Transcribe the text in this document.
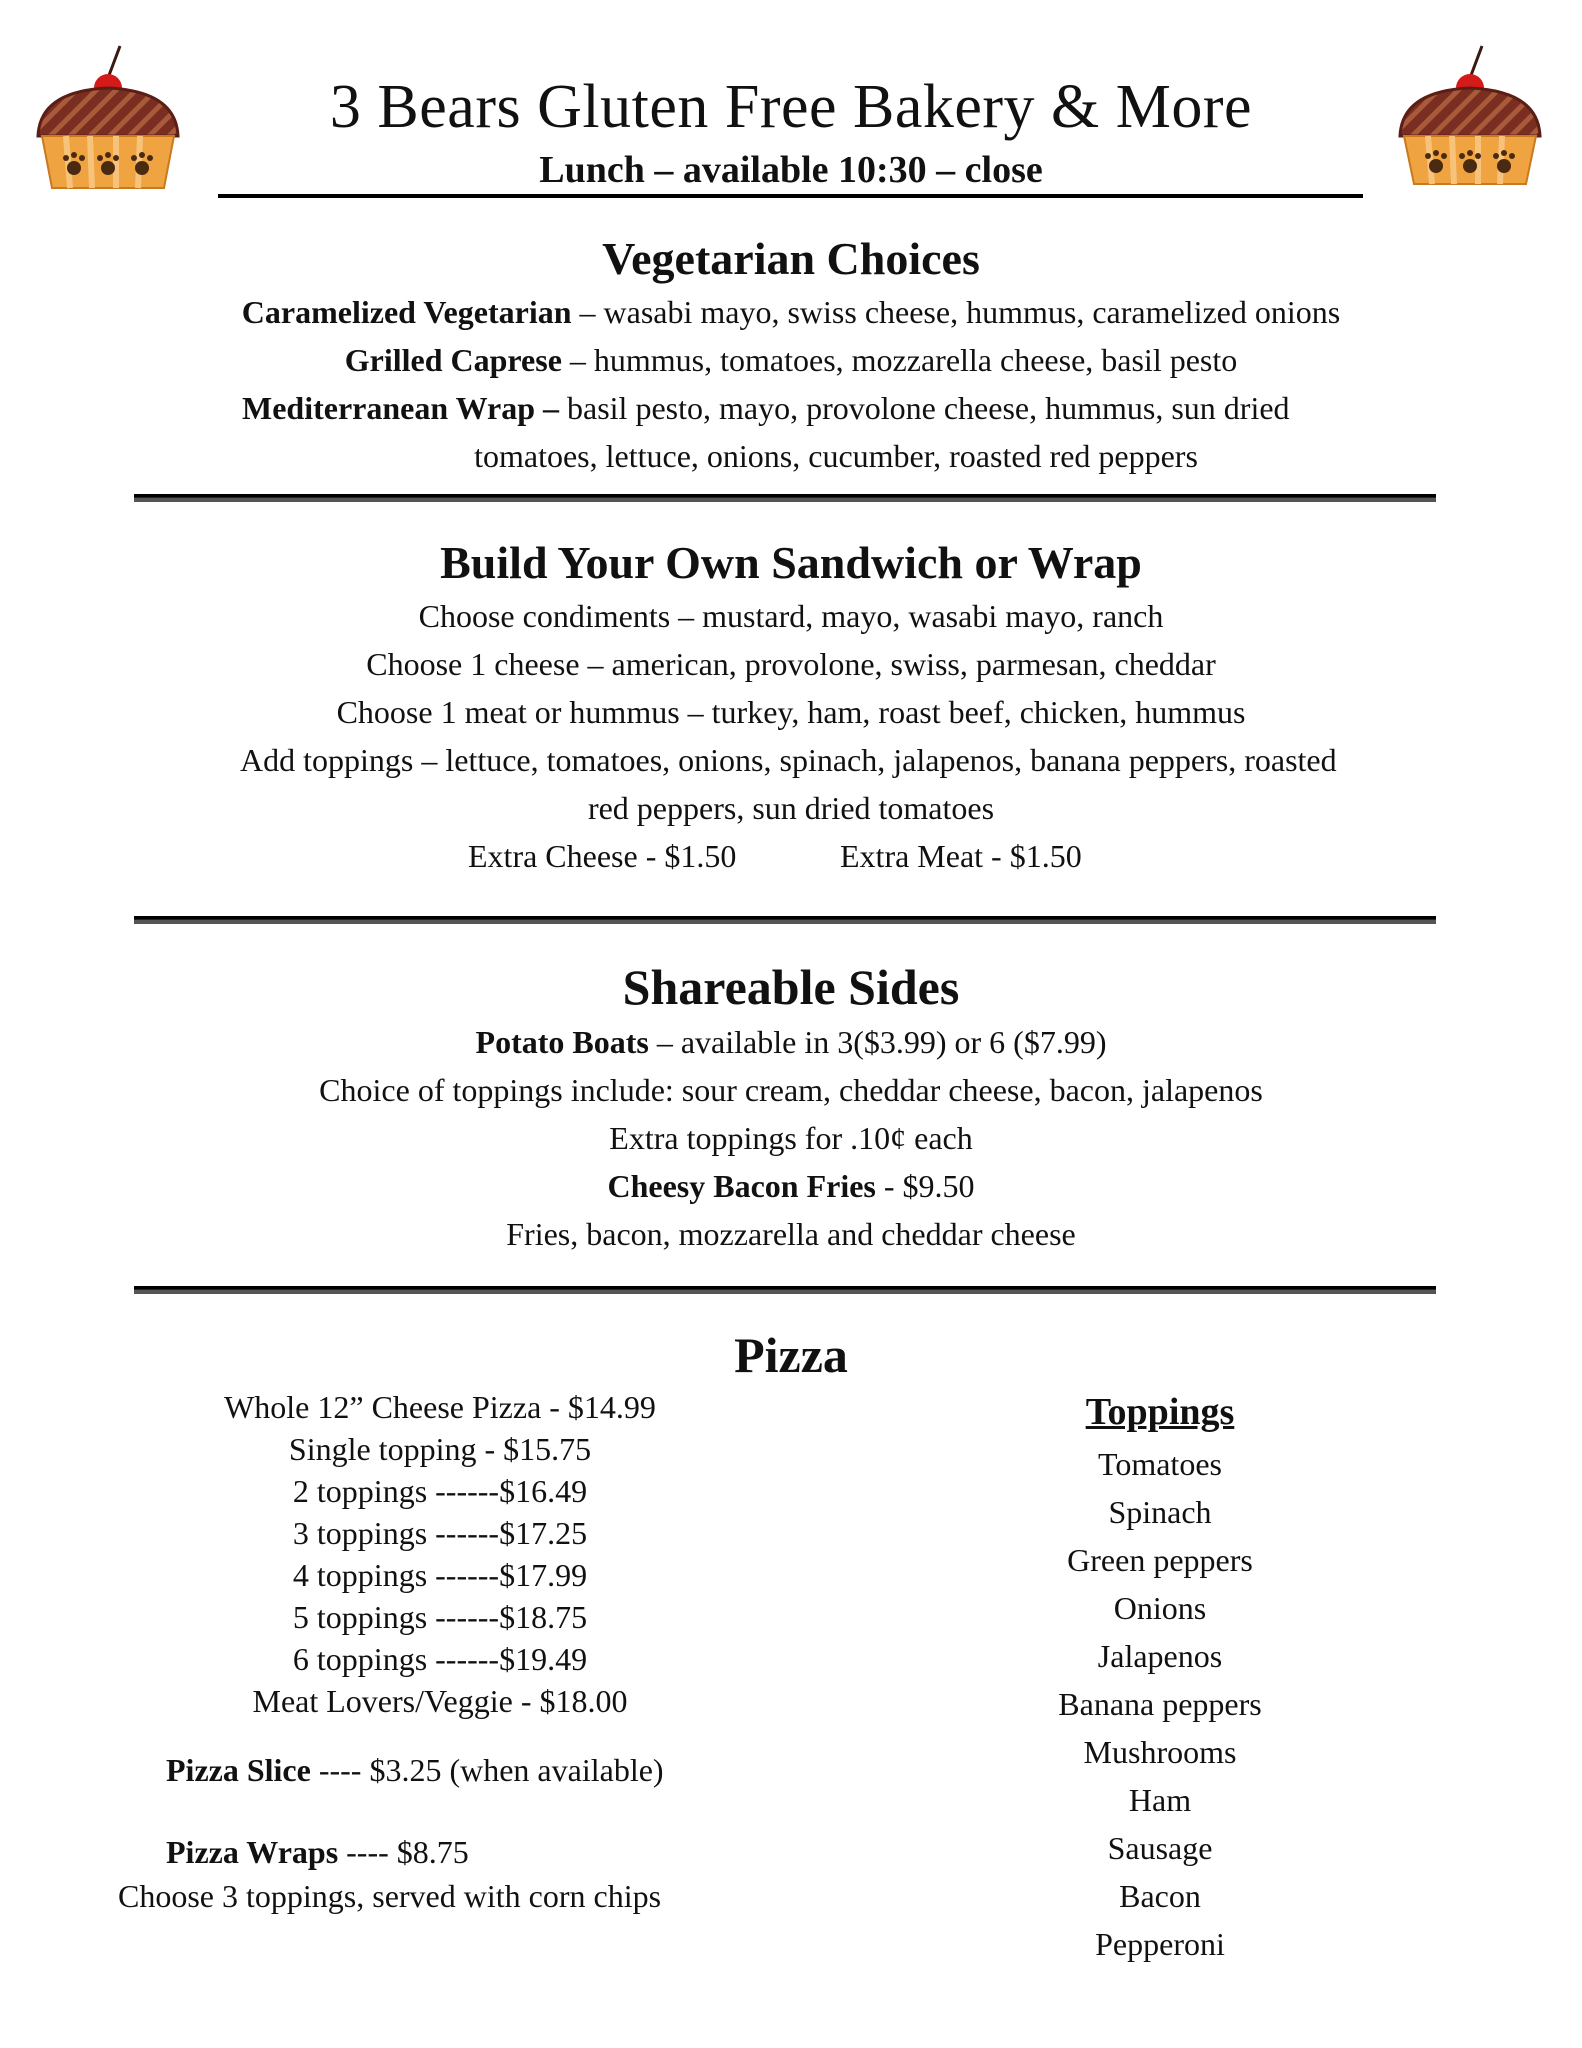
3 Bears Gluten Free Bakery & More
Lunch – available 10:30 – close
Vegetarian Choices
Caramelized Vegetarian – wasabi mayo, swiss cheese, hummus, caramelized onions
Grilled Caprese – hummus, tomatoes, mozzarella cheese, basil pesto
Mediterranean Wrap – basil pesto, mayo, provolone cheese, hummus, sun dried
tomatoes, lettuce, onions, cucumber, roasted red peppers
Build Your Own Sandwich or Wrap
Choose condiments – mustard, mayo, wasabi mayo, ranch
Choose 1 cheese – american, provolone, swiss, parmesan, cheddar
Choose 1 meat or hummus – turkey, ham, roast beef, chicken, hummus
Add toppings – lettuce, tomatoes, onions, spinach, jalapenos, banana peppers, roasted
red peppers, sun dried tomatoes
Extra Cheese - $1.50	Extra Meat - $1.50
Shareable Sides
Potato Boats – available in 3($3.99) or 6 ($7.99)
Choice of toppings include: sour cream, cheddar cheese, bacon, jalapenos
Extra toppings for .10¢ each
Cheesy Bacon Fries - $9.50
Fries, bacon, mozzarella and cheddar cheese
Pizza
Whole 12” Cheese Pizza - $14.99
Single topping - $15.75
2 toppings ------$16.49
3 toppings ------$17.25
4 toppings ------$17.99
5 toppings ------$18.75
6 toppings ------$19.49
Meat Lovers/Veggie - $18.00
Pizza Slice ---- $3.25 (when available)
Pizza Wraps ---- $8.75
Choose 3 toppings, served with corn chips
Toppings
Tomatoes
Spinach
Green peppers
Onions
Jalapenos
Banana peppers
Mushrooms
Ham
Sausage
Bacon
Pepperoni
